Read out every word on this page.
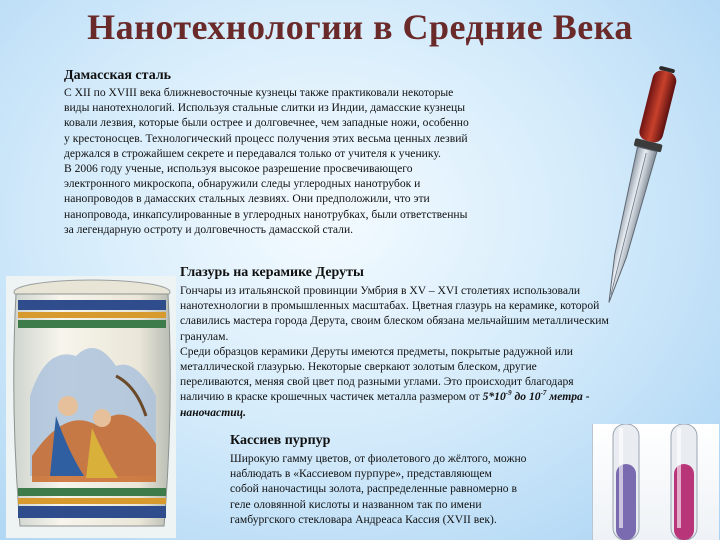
Нанотехнологии в Средние Века
Дамасская сталь
С XII по XVIII века ближневосточные кузнецы также практиковали некоторые
виды нанотехнологий. Используя стальные слитки из Индии, дамасские кузнецы
ковали лезвия, которые были острее и долговечнее, чем западные ножи, особенно
у крестоносцев. Технологический процесс получения этих весьма ценных лезвий
держался в строжайшем секрете и передавался только от учителя к ученику.
В 2006 году ученые, используя высокое разрешение просвечивающего
электронного микроскопа, обнаружили следы углеродных нанотрубок и
нанопроводов в дамасских стальных лезвиях. Они предположили, что эти
нанопровода, инкапсулированные в углеродных нанотрубках, были ответственны
за легендарную остроту и долговечность дамасской стали.
Глазурь на керамике Деруты
Гончары из итальянской провинции Умбрия в XV – XVI столетиях использовали
нанотехнологии в промышленных масштабах. Цветная глазурь на керамике, которой
славились мастера города Дерута, своим блеском обязана мельчайшим металлическим
гранулам.
Среди образцов керамики Деруты имеются предметы, покрытые радужной или
металлической глазурью. Некоторые сверкают золотым блеском, другие
переливаются, меняя свой цвет под разными углами. Это происходит благодаря
наличию в краске крошечных частичек металла размером от $5*10^{-9}$ до $10^{-7}$ метра -
наночастиц.
Кассиев пурпур
Широкую гамму цветов, от фиолетового до жёлтого, можно
наблюдать в «Кассиевом пурпуре», представляющем
собой наночастицы золота, распределенные равномерно в
геле оловянной кислоты и названном так по имени
гамбургского стекловара Андреаса Кассия (XVII век).
